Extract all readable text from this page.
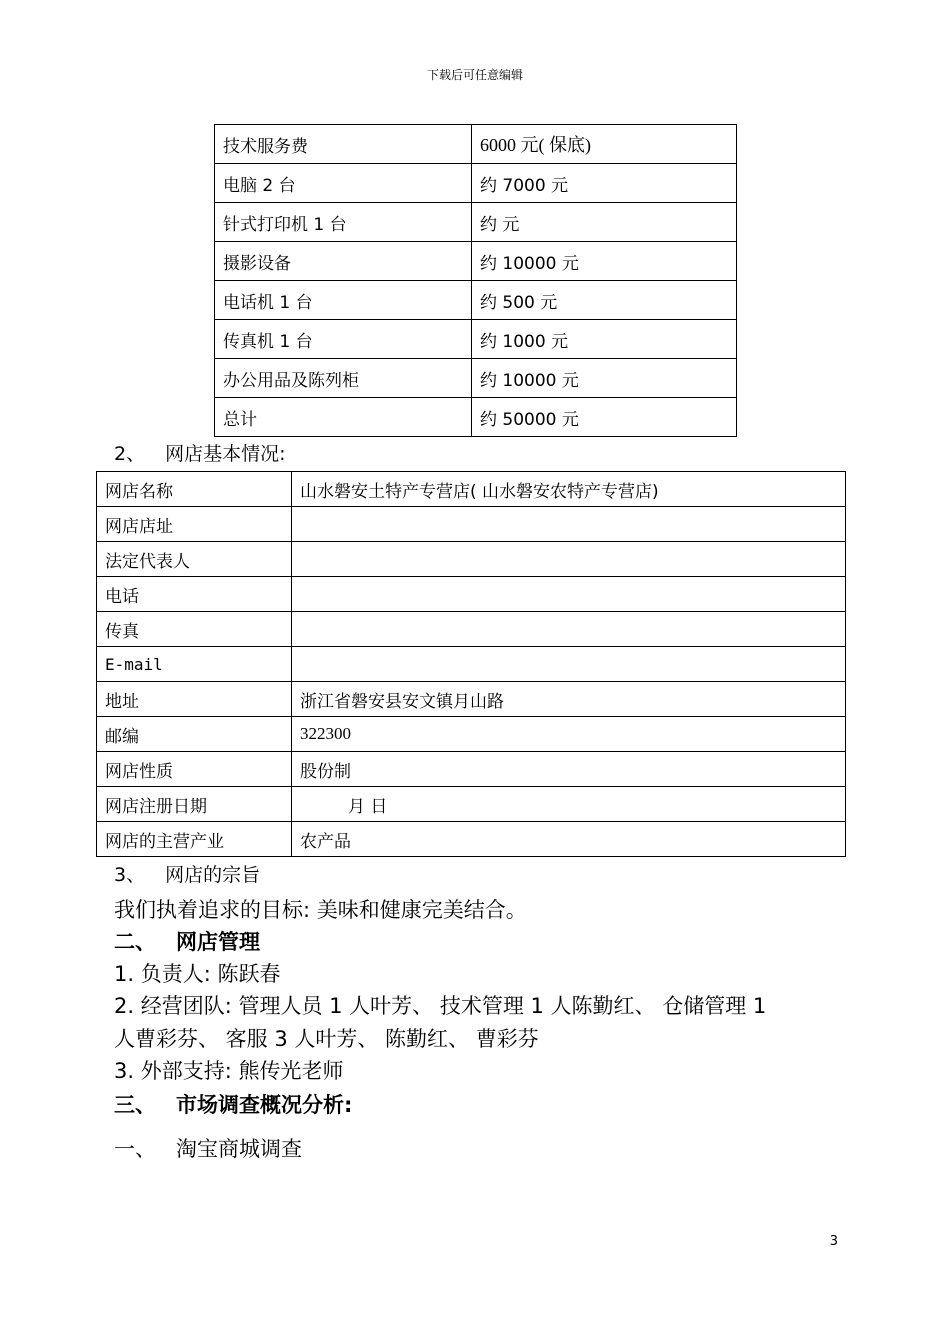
下载后可任意编辑
技术服务费	6000 元( 保底)
电脑 2 台	约 7000 元
针式打印机 1 台	约 元
摄影设备	约 10000 元
电话机 1 台	约 500 元
传真机 1 台	约 1000 元
办公用品及陈列柜	约 10000 元
总计	约 50000 元
2、 网店基本情况:
网店名称	山水磐安土特产专营店( 山水磐安农特产专营店)
网店店址	
法定代表人	
电话	
传真	
E-mail	
地址	浙江省磐安县安文镇月山路
邮编	322300
网店性质	股份制
网店注册日期	月 日
网店的主营产业	农产品
3、 网店的宗旨
我们执着追求的目标: 美味和健康完美结合。
二、 网店管理
1. 负责人: 陈跃春
2. 经营团队: 管理人员 1 人叶芳、 技术管理 1 人陈勤红、 仓储管理 1
人曹彩芬、 客服 3 人叶芳、 陈勤红、 曹彩芬
3. 外部支持: 熊传光老师
三、 市场调查概况分析:
一、 淘宝商城调查
3
